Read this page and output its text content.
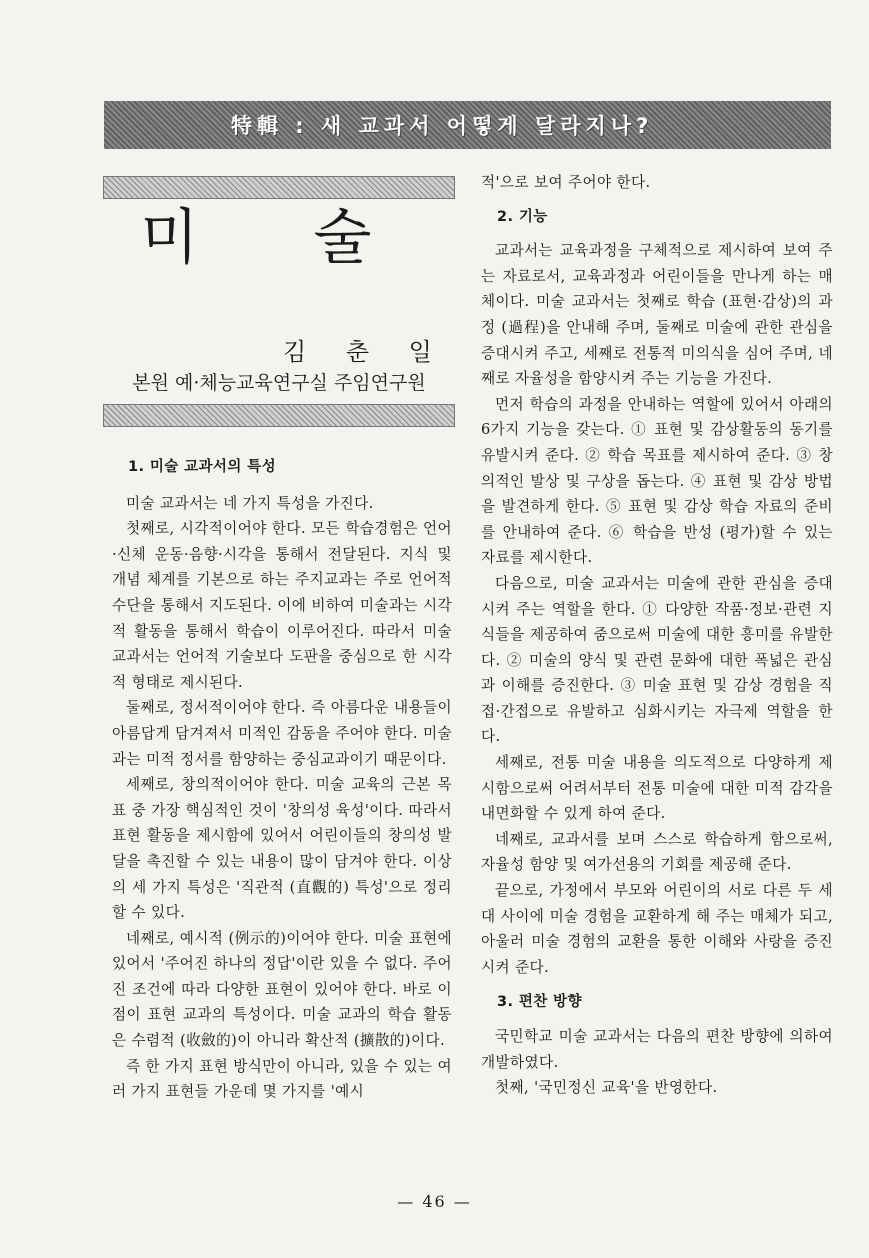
特輯 : 새 교과서 어떻게 달라지나?
미 술
김 춘 일
본원 예·체능교육연구실 주임연구원
1. 미술 교과서의 특성

미술 교과서는 네 가지 특성을 가진다.

첫째로, 시각적이어야 한다. 모든 학습경험은 언어·신체 운동·음향·시각을 통해서 전달된다. 지식 및 개념 체계를 기본으로 하는 주지교과는 주로 언어적 수단을 통해서 지도된다. 이에 비하여 미술과는 시각적 활동을 통해서 학습이 이루어진다. 따라서 미술 교과서는 언어적 기술보다 도판을 중심으로 한 시각적 형태로 제시된다.

둘째로, 정서적이어야 한다. 즉 아름다운 내용들이 아름답게 담겨져서 미적인 감동을 주어야 한다. 미술과는 미적 정서를 함양하는 중심교과이기 때문이다.

세째로, 창의적이어야 한다. 미술 교육의 근본 목표 중 가장 핵심적인 것이 '창의성 육성'이다. 따라서 표현 활동을 제시함에 있어서 어린이들의 창의성 발달을 촉진할 수 있는 내용이 많이 담겨야 한다. 이상의 세 가지 특성은 '직관적 (直觀的) 특성'으로 정리할 수 있다.

네째로, 예시적 (例示的)이어야 한다. 미술 표현에 있어서 '주어진 하나의 정답'이란 있을 수 없다. 주어진 조건에 따라 다양한 표현이 있어야 한다. 바로 이 점이 표현 교과의 특성이다. 미술 교과의 학습 활동은 수렴적 (收斂的)이 아니라 확산적 (擴散的)이다.

즉 한 가지 표현 방식만이 아니라, 있을 수 있는 여러 가지 표현들 가운데 몇 가지를 '예시

적'으로 보여 주어야 한다.

2. 기능

교과서는 교육과정을 구체적으로 제시하여 보여 주는 자료로서, 교육과정과 어린이들을 만나게 하는 매체이다. 미술 교과서는 첫째로 학습 (표현·감상)의 과정 (過程)을 안내해 주며, 둘째로 미술에 관한 관심을 증대시켜 주고, 세째로 전통적 미의식을 심어 주며, 네째로 자율성을 함양시켜 주는 기능을 가진다.

먼저 학습의 과정을 안내하는 역할에 있어서 아래의 6가지 기능을 갖는다. ① 표현 및 감상활동의 동기를 유발시켜 준다. ② 학습 목표를 제시하여 준다. ③ 창의적인 발상 및 구상을 돕는다. ④ 표현 및 감상 방법을 발견하게 한다. ⑤ 표현 및 감상 학습 자료의 준비를 안내하여 준다. ⑥ 학습을 반성 (평가)할 수 있는 자료를 제시한다.

다음으로, 미술 교과서는 미술에 관한 관심을 증대시켜 주는 역할을 한다. ① 다양한 작품·정보·관련 지식들을 제공하여 줌으로써 미술에 대한 흥미를 유발한다. ② 미술의 양식 및 관련 문화에 대한 폭넓은 관심과 이해를 증진한다. ③ 미술 표현 및 감상 경험을 직접·간접으로 유발하고 심화시키는 자극제 역할을 한다.

세째로, 전통 미술 내용을 의도적으로 다양하게 제시함으로써 어려서부터 전통 미술에 대한 미적 감각을 내면화할 수 있게 하여 준다.

네째로, 교과서를 보며 스스로 학습하게 함으로써, 자율성 함양 및 여가선용의 기회를 제공해 준다.

끝으로, 가정에서 부모와 어린이의 서로 다른 두 세대 사이에 미술 경험을 교환하게 해 주는 매체가 되고, 아울러 미술 경험의 교환을 통한 이해와 사랑을 증진시켜 준다.

3. 편찬 방향

국민학교 미술 교과서는 다음의 편찬 방향에 의하여 개발하였다.

첫째, '국민정신 교육'을 반영한다.

— 46 —
